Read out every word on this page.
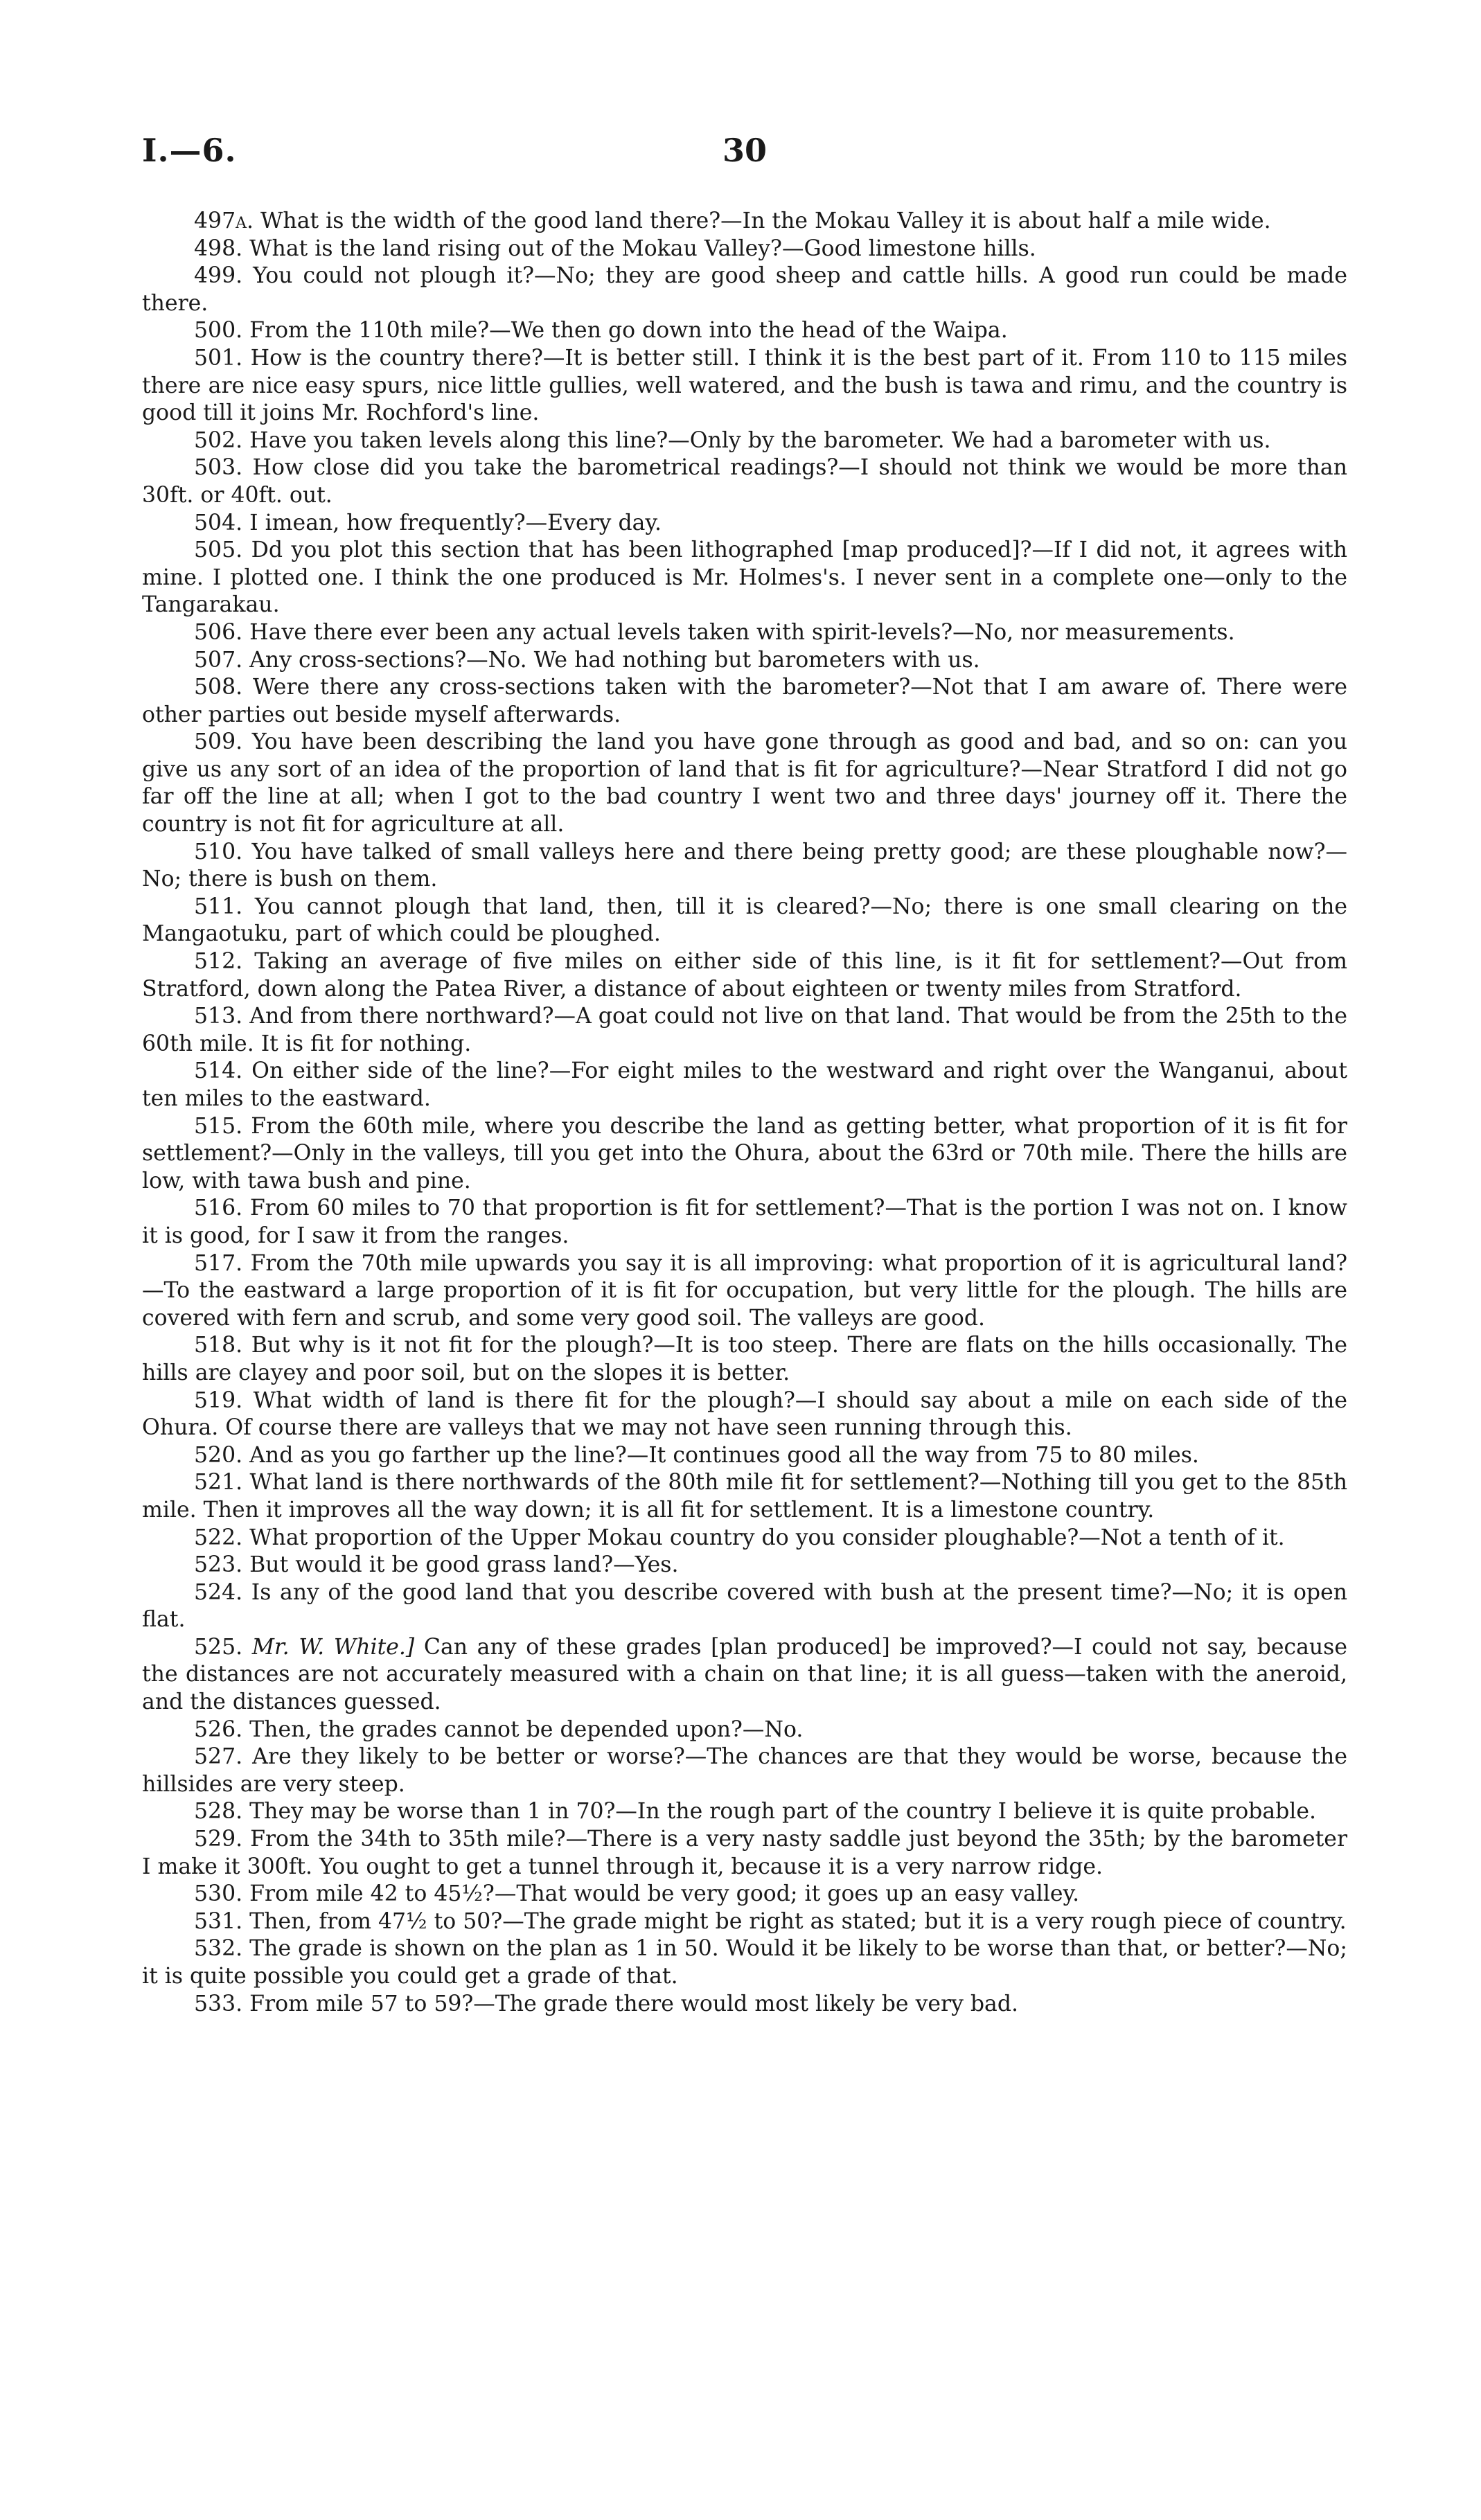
I.—6.	30

497a. What is the width of the good land there?—In the Mokau Valley it is about half a mile wide.

498. What is the land rising out of the Mokau Valley?—Good limestone hills.

499. You could not plough it?—No; they are good sheep and cattle hills. A good run could be made there.

500. From the 110th mile?—We then go down into the head of the Waipa.

501. How is the country there?—It is better still. I think it is the best part of it. From 110 to 115 miles there are nice easy spurs, nice little gullies, well watered, and the bush is tawa and rimu, and the country is good till it joins Mr. Rochford's line.

502. Have you taken levels along this line?—Only by the barometer. We had a barometer with us.

503. How close did you take the barometrical readings?—I should not think we would be more than 30ft. or 40ft. out.

504. I imean, how frequently?—Every day.

505. Dd you plot this section that has been lithographed [map produced]?—If I did not, it agrees with mine. I plotted one. I think the one produced is Mr. Holmes's. I never sent in a complete one—only to the Tangarakau.

506. Have there ever been any actual levels taken with spirit-levels?—No, nor measurements.

507. Any cross-sections?—No. We had nothing but barometers with us.

508. Were there any cross-sections taken with the barometer?—Not that I am aware of. There were other parties out beside myself afterwards.

509. You have been describing the land you have gone through as good and bad, and so on: can you give us any sort of an idea of the proportion of land that is fit for agriculture?—Near Stratford I did not go far off the line at all; when I got to the bad country I went two and three days' journey off it. There the country is not fit for agriculture at all.

510. You have talked of small valleys here and there being pretty good; are these ploughable now?—No; there is bush on them.

511. You cannot plough that land, then, till it is cleared?—No; there is one small clearing on the Mangaotuku, part of which could be ploughed.

512. Taking an average of five miles on either side of this line, is it fit for settlement?—Out from Stratford, down along the Patea River, a distance of about eighteen or twenty miles from Stratford.

513. And from there northward?—A goat could not live on that land. That would be from the 25th to the 60th mile. It is fit for nothing.

514. On either side of the line?—For eight miles to the westward and right over the Wanganui, about ten miles to the eastward.

515. From the 60th mile, where you describe the land as getting better, what proportion of it is fit for settlement?—Only in the valleys, till you get into the Ohura, about the 63rd or 70th mile. There the hills are low, with tawa bush and pine.

516. From 60 miles to 70 that proportion is fit for settlement?—That is the portion I was not on. I know it is good, for I saw it from the ranges.

517. From the 70th mile upwards you say it is all improving: what proportion of it is agricultural land?—To the eastward a large proportion of it is fit for occupation, but very little for the plough. The hills are covered with fern and scrub, and some very good soil. The valleys are good.

518. But why is it not fit for the plough?—It is too steep. There are flats on the hills occasionally. The hills are clayey and poor soil, but on the slopes it is better.

519. What width of land is there fit for the plough?—I should say about a mile on each side of the Ohura. Of course there are valleys that we may not have seen running through this.

520. And as you go farther up the line?—It continues good all the way from 75 to 80 miles.

521. What land is there northwards of the 80th mile fit for settlement?—Nothing till you get to the 85th mile. Then it improves all the way down; it is all fit for settlement. It is a limestone country.

522. What proportion of the Upper Mokau country do you consider ploughable?—Not a tenth of it.

523. But would it be good grass land?—Yes.

524. Is any of the good land that you describe covered with bush at the present time?—No; it is open flat.

525. Mr. W. White.] Can any of these grades [plan produced] be improved?—I could not say, because the distances are not accurately measured with a chain on that line; it is all guess—taken with the aneroid, and the distances guessed.

526. Then, the grades cannot be depended upon?—No.

527. Are they likely to be better or worse?—The chances are that they would be worse, because the hillsides are very steep.

528. They may be worse than 1 in 70?—In the rough part of the country I believe it is quite probable.

529. From the 34th to 35th mile?—There is a very nasty saddle just beyond the 35th; by the barometer I make it 300ft. You ought to get a tunnel through it, because it is a very narrow ridge.

530. From mile 42 to 45½?—That would be very good; it goes up an easy valley.

531. Then, from 47½ to 50?—The grade might be right as stated; but it is a very rough piece of country.

532. The grade is shown on the plan as 1 in 50. Would it be likely to be worse than that, or better?—No; it is quite possible you could get a grade of that.

533. From mile 57 to 59?—The grade there would most likely be very bad.
